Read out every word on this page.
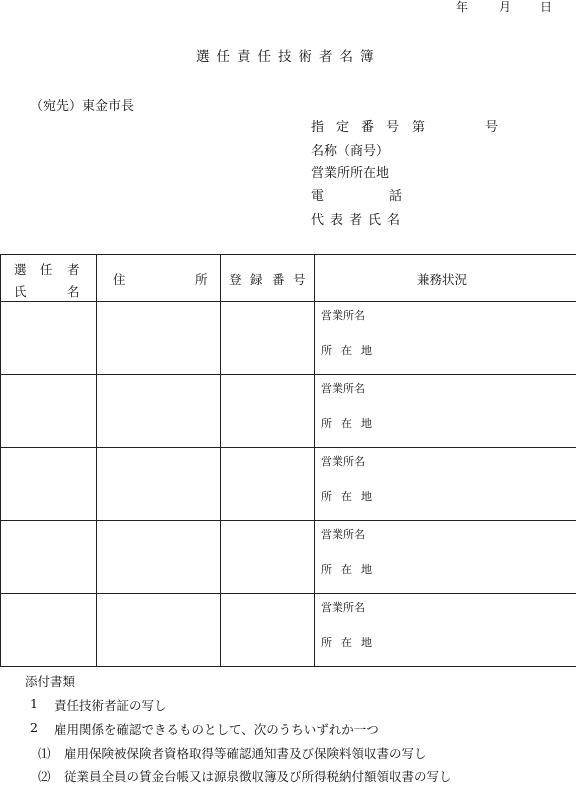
年	月 日
選任責任技術者名簿
（宛先）東金市長
指 定 番 号 第	号
名称（商号）
営業所所在地
電	話
代 表 者 氏 名
選 任 者
氏 名	住 所	登 録 番 号	兼務状況

			営業所名
所 在 地

			営業所名
所 在 地

			営業所名
所 在 地

			営業所名
所 在 地

			営業所名
所 在 地
添付書類
1 責任技術者証の写し
2 雇用関係を確認できるものとして、次のうちいずれか一つ
⑴ 雇用保険被保険者資格取得等確認通知書及び保険料領収書の写し
⑵ 従業員全員の賃金台帳又は源泉徴収簿及び所得税納付額領収書の写し
